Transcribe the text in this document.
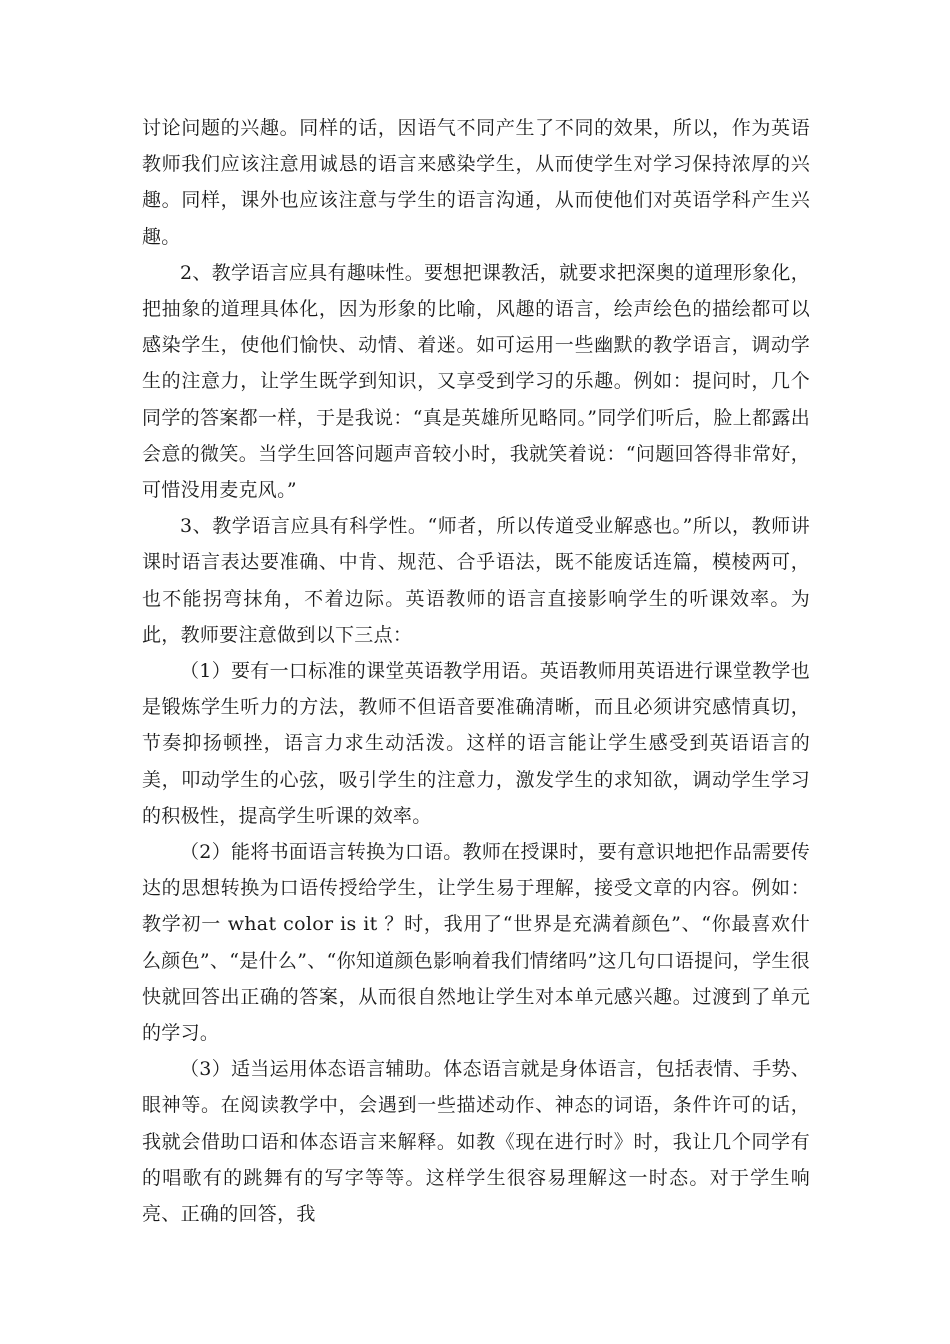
讨论问题的兴趣。同样的话，因语气不同产生了不同的效果，所以，作为英语教师我们应该注意用诚恳的语言来感染学生，从而使学生对学习保持浓厚的兴趣。同样，课外也应该注意与学生的语言沟通，从而使他们对英语学科产生兴趣。

2、教学语言应具有趣味性。要想把课教活，就要求把深奥的道理形象化，把抽象的道理具体化，因为形象的比喻，风趣的语言，绘声绘色的描绘都可以感染学生，使他们愉快、动情、着迷。如可运用一些幽默的教学语言，调动学生的注意力，让学生既学到知识，又享受到学习的乐趣。例如：提问时，几个同学的答案都一样，于是我说：“真是英雄所见略同。”同学们听后，脸上都露出会意的微笑。当学生回答问题声音较小时，我就笑着说：“问题回答得非常好，可惜没用麦克风。”

3、教学语言应具有科学性。“师者，所以传道受业解惑也。”所以，教师讲课时语言表达要准确、中肯、规范、合乎语法，既不能废话连篇，模棱两可，也不能拐弯抹角，不着边际。英语教师的语言直接影响学生的听课效率。为此，教师要注意做到以下三点：

（1）要有一口标准的课堂英语教学用语。英语教师用英语进行课堂教学也是锻炼学生听力的方法，教师不但语音要准确清晰，而且必须讲究感情真切，节奏抑扬顿挫，语言力求生动活泼。这样的语言能让学生感受到英语语言的美，叩动学生的心弦，吸引学生的注意力，激发学生的求知欲，调动学生学习的积极性，提高学生听课的效率。

（2）能将书面语言转换为口语。教师在授课时，要有意识地把作品需要传达的思想转换为口语传授给学生，让学生易于理解，接受文章的内容。例如：教学初一 what color is it ？时，我用了“世界是充满着颜色”、“你最喜欢什么颜色”、“是什么”、“你知道颜色影响着我们情绪吗”这几句口语提问，学生很快就回答出正确的答案，从而很自然地让学生对本单元感兴趣。过渡到了单元的学习。

（3）适当运用体态语言辅助。体态语言就是身体语言，包括表情、手势、眼神等。在阅读教学中，会遇到一些描述动作、神态的词语，条件许可的话，我就会借助口语和体态语言来解释。如教《现在进行时》时，我让几个同学有的唱歌有的跳舞有的写字等等。这样学生很容易理解这一时态。对于学生响亮、正确的回答，我
